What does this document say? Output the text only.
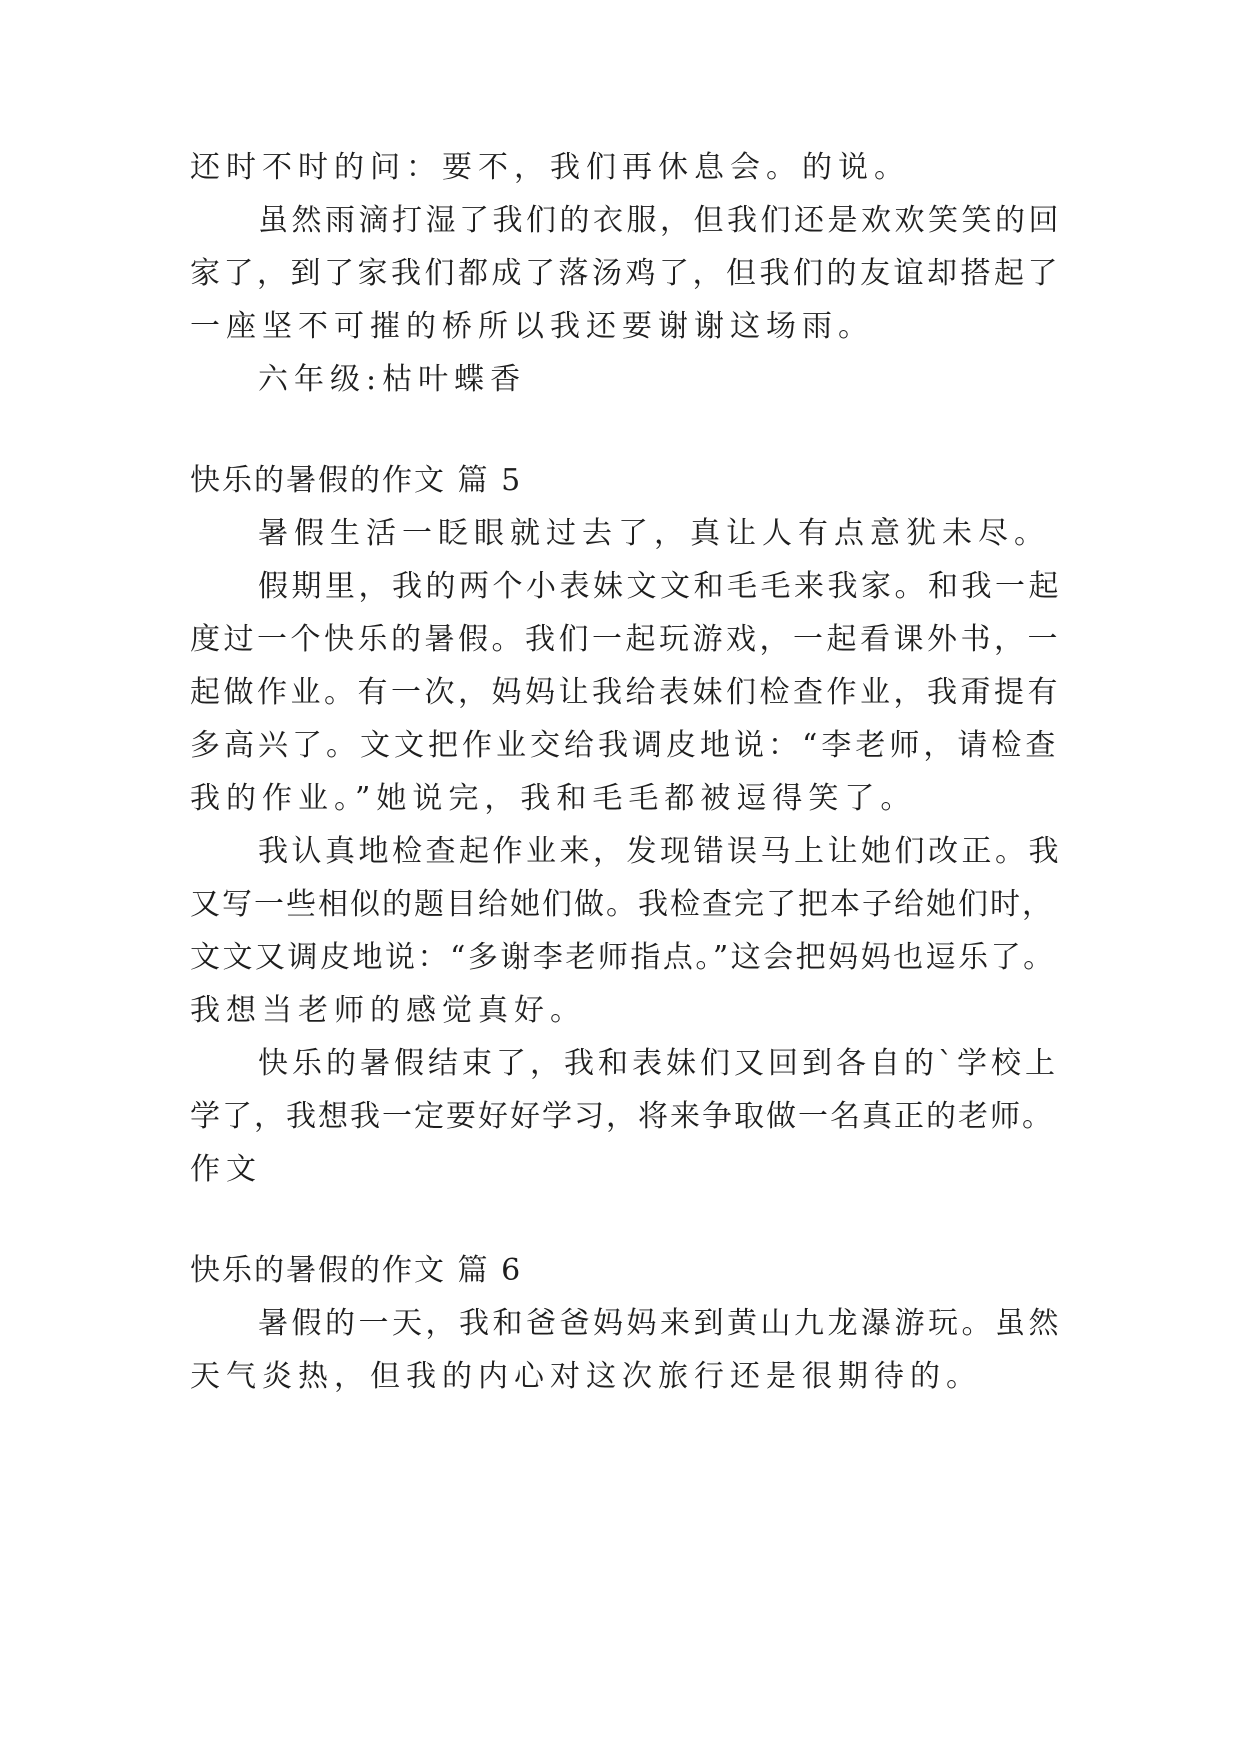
还时不时的问：要不，我们再休息会。的说。
虽然雨滴打湿了我们的衣服，但我们还是欢欢笑笑的回
家了，到了家我们都成了落汤鸡了，但我们的友谊却搭起了
一座坚不可摧的桥所以我还要谢谢这场雨。
六年级:枯叶蝶香
快乐的暑假的作文 篇 5
暑假生活一眨眼就过去了，真让人有点意犹未尽。
假期里，我的两个小表妹文文和毛毛来我家。和我一起
度过一个快乐的暑假。我们一起玩游戏，一起看课外书，一
起做作业。有一次，妈妈让我给表妹们检查作业，我甭提有
多高兴了。文文把作业交给我调皮地说：“李老师，请检查
我的作业。”她说完，我和毛毛都被逗得笑了。
我认真地检查起作业来，发现错误马上让她们改正。我
又写一些相似的题目给她们做。我检查完了把本子给她们时，
文文又调皮地说：“多谢李老师指点。”这会把妈妈也逗乐了。
我想当老师的感觉真好。
快乐的暑假结束了，我和表妹们又回到各自的`学校上
学了，我想我一定要好好学习，将来争取做一名真正的老师。
作文
快乐的暑假的作文 篇 6
暑假的一天，我和爸爸妈妈来到黄山九龙瀑游玩。虽然
天气炎热，但我的内心对这次旅行还是很期待的。
